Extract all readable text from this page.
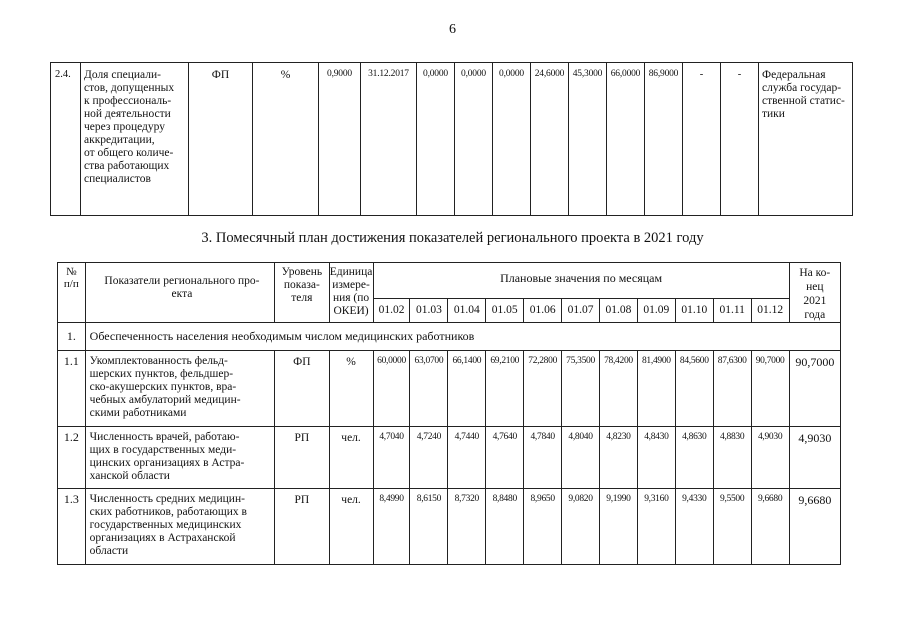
6
2.4.	Доля специали-
стов, допущенных
к профессиональ-
ной деятельности
через процедуру
аккредитации,
от общего количе-
ства работающих
специалистов	ФП	%	0,9000	31.12.2017	0,0000	0,0000	0,0000	24,6000	45,3000	66,0000	86,9000	-	-	Федеральная
служба государ-
ственной статис-
тики
3. Помесячный план достижения показателей регионального проекта в 2021 году
№
п/п	Показатели регионального про-
екта	Уровень
показа-
теля	Единица
измере-
ния (по
ОКЕИ)	Плановые значения по месяцам											На ко-
нец
2021
года
				01.02	01.03	01.04	01.05	01.06	01.07	01.08	01.09	01.10	01.11	01.12	
1.	Обеспеченность населения необходимым числом медицинских работников														
1.1	Укомплектованность фельд-
шерских пунктов, фельдшер-
ско-акушерских пунктов, вра-
чебных амбулаторий медицин-
скими работниками	ФП	%	60,0000	63,0700	66,1400	69,2100	72,2800	75,3500	78,4200	81,4900	84,5600	87,6300	90,7000	90,7000
1.2	Численность врачей, работаю-
щих в государственных меди-
цинских организациях в Астра-
ханской области	РП	чел.	4,7040	4,7240	4,7440	4,7640	4,7840	4,8040	4,8230	4,8430	4,8630	4,8830	4,9030	4,9030
1.3	Численность средних медицин-
ских работников, работающих в
государственных медицинских
организациях в Астраханской
области	РП	чел.	8,4990	8,6150	8,7320	8,8480	8,9650	9,0820	9,1990	9,3160	9,4330	9,5500	9,6680	9,6680
